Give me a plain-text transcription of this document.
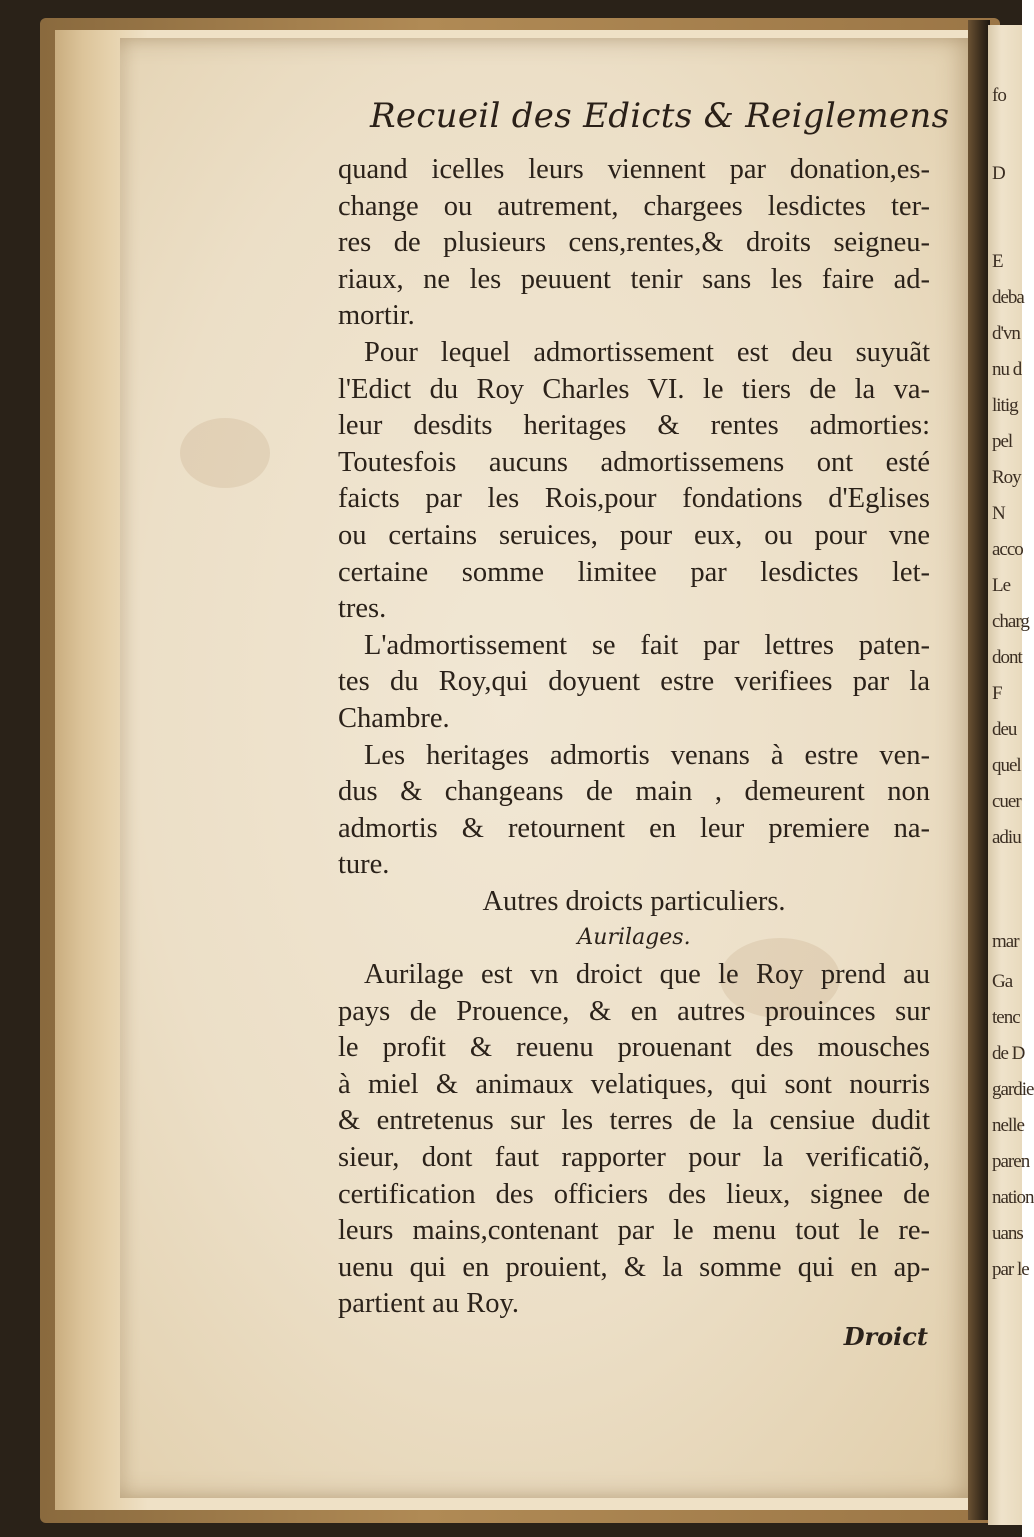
fo
D
E
deba
d'vn
nu d
litig
pel
Roy
N
acco
Le
charg
dont
F
deu
quel
cuer
adiu
mar
Ga
tenc
de D
gardie
nelle
paren
nation
uans
par le
Recueil des Edicts & Reiglemens
quand icelles leurs viennent par donation,es-
change ou autrement, chargees lesdictes ter-
res de plusieurs cens,rentes,& droits seigneu-
riaux, ne les peuuent tenir sans les faire ad-
mortir.
Pour lequel admortissement est deu suyuãt
l'Edict du Roy Charles VI. le tiers de la va-
leur desdits heritages & rentes admorties:
Toutesfois aucuns admortissemens ont esté
faicts par les Rois,pour fondations d'Eglises
ou certains seruices, pour eux, ou pour vne
certaine somme limitee par lesdictes let-
tres.
L'admortissement se fait par lettres paten-
tes du Roy,qui doyuent estre verifiees par la
Chambre.
Les heritages admortis venans à estre ven-
dus & changeans de main , demeurent non
admortis & retournent en leur premiere na-
ture.
Autres droicts particuliers.
Aurilages.
Aurilage est vn droict que le Roy prend au
pays de Prouence, & en autres prouinces sur
le profit & reuenu prouenant des mousches
à miel & animaux velatiques, qui sont nourris
& entretenus sur les terres de la censiue dudit
sieur, dont faut rapporter pour la verificatiõ,
certification des officiers des lieux, signee de
leurs mains,contenant par le menu tout le re-
uenu qui en prouient, & la somme qui en ap-
partient au Roy.
Droict
